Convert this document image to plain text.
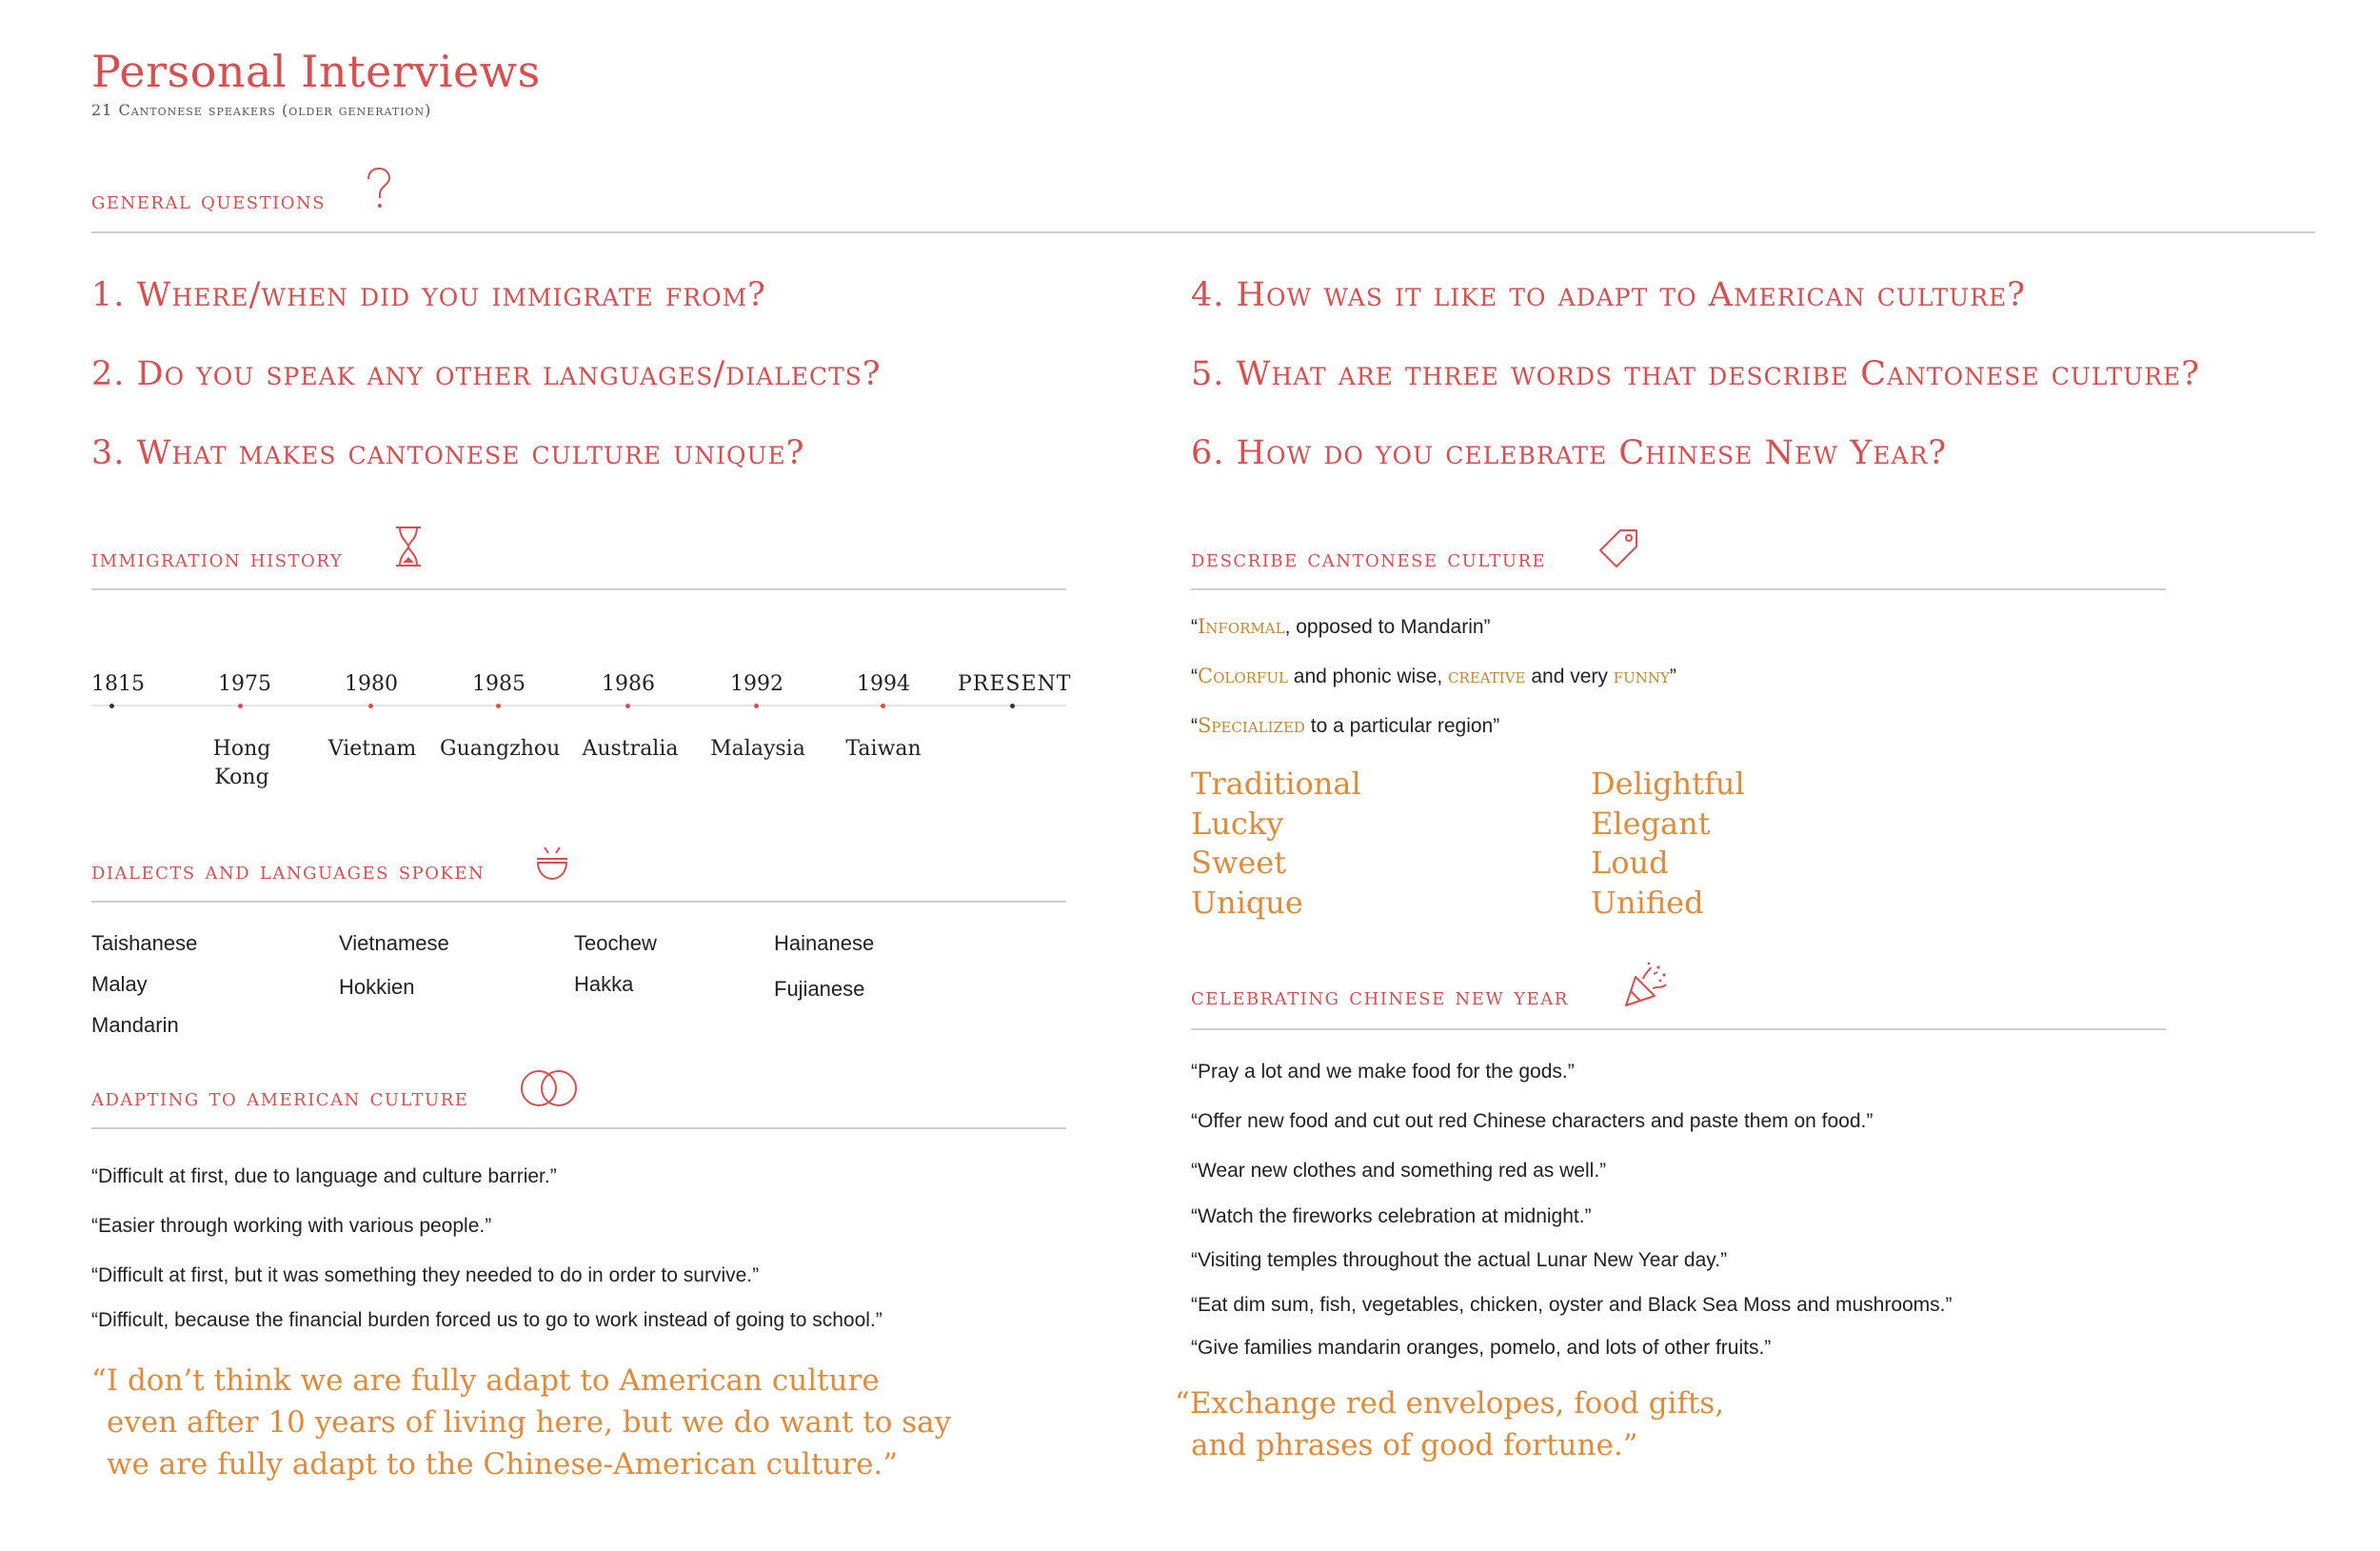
Personal Interviews
21 Cantonese speakers (older generation)
general questions
1. Where/when did you immigrate from?
2. Do you speak any other languages/dialects?
3. What makes cantonese culture unique?
4. How was it like to adapt to American culture?
5. What are three words that describe Cantonese culture?
6. How do you celebrate Chinese New Year?
immigration history
1815	1975
Hong Kong
1980
Vietnam
1985
Guangzhou
1986
Australia
1992
Malaysia
1994
Taiwan
PRESENT
dialects and languages spoken
Taishanese
Malay
Mandarin
Vietnamese
Hokkien
Teochew
Hakka
Hainanese
Fujianese
adapting to american culture
“Difficult at first, due to language and culture barrier.”
“Easier through working with various people.”
“Difficult at first, but it was something they needed to do in order to survive.”
“Difficult, because the financial burden forced us to go to work instead of going to school.”
“I don’t think we are fully adapt to American culture
even after 10 years of living here, but we do want to say
we are fully adapt to the Chinese-American culture.”
describe cantonese culture
“Informal, opposed to Mandarin”
“Colorful and phonic wise, creative and very funny”
“Specialized to a particular region”
Traditional
Lucky
Sweet
Unique
Delightful
Elegant
Loud
Unified
celebrating chinese new year
“Pray a lot and we make food for the gods.”
“Offer new food and cut out red Chinese characters and paste them on food.”
“Wear new clothes and something red as well.”
“Watch the fireworks celebration at midnight.”
“Visiting temples throughout the actual Lunar New Year day.”
“Eat dim sum, fish, vegetables, chicken, oyster and Black Sea Moss and mushrooms.”
“Give families mandarin oranges, pomelo, and lots of other fruits.”
“Exchange red envelopes, food gifts,
and phrases of good fortune.”
